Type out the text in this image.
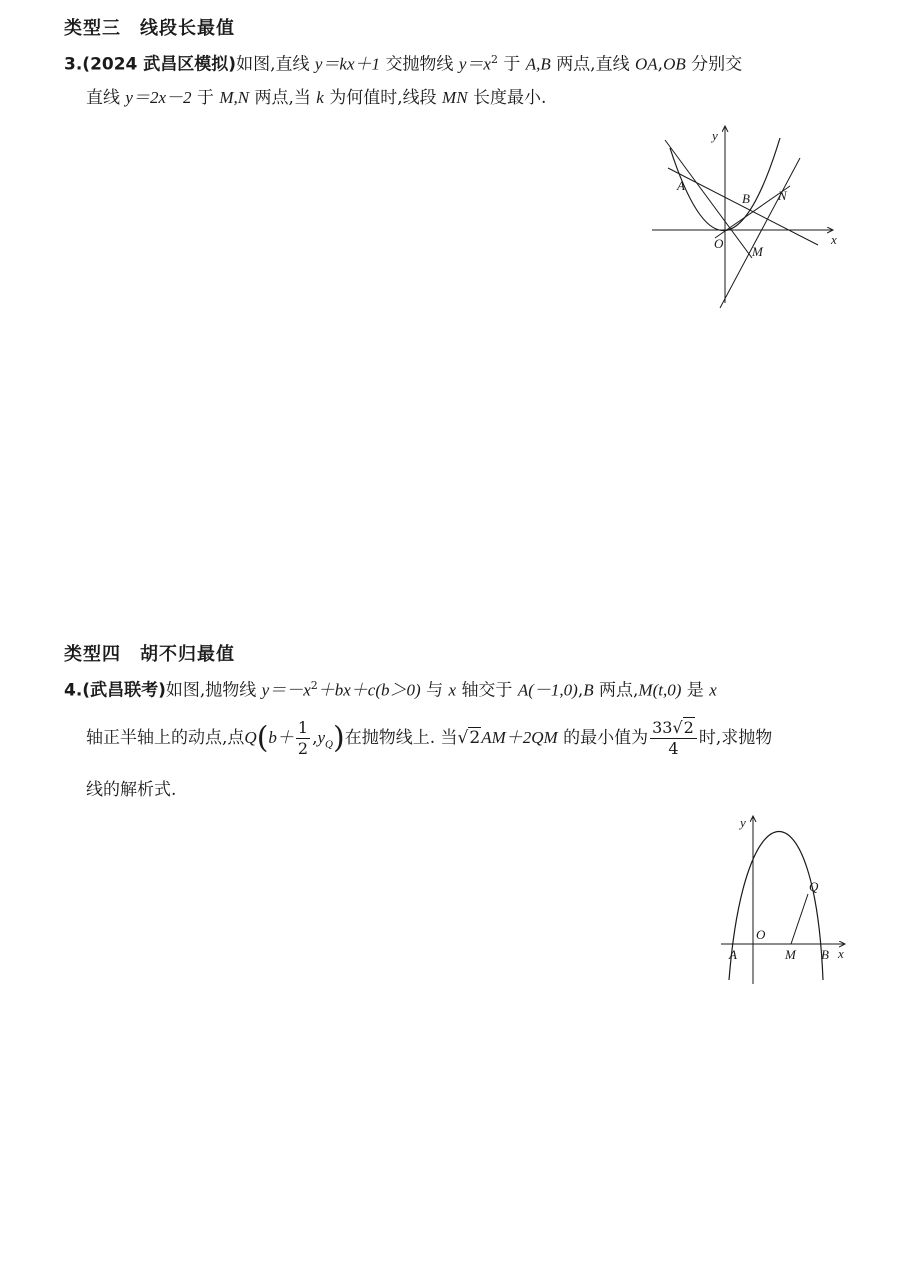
类型三　线段长最值
3.(2024 武昌区模拟)如图,直线 y＝kx＋1 交抛物线 $y=x^2$ 于 A,B 两点,直线 OA,OB 分别交
直线 y＝2x－2 于 M,N 两点,当 k 为何值时,线段 MN 长度最小.
y
x
A
B N
O
M
类型四　胡不归最值
4.(武昌联考)如图,抛物线 $y=-x^2+bx+c(b>0)$ 与 x 轴交于 A(－1,0),B 两点,M(t,0) 是 x
轴正半轴上的动点,点$Q(b+ \frac{1}{2} ,y_Q)$在抛物线上. 当√2AM＋2QM 的最小值为 $\frac{33√2}{4}$ 时,求抛物
线的解析式.
y
x
O
Q
A	M B
